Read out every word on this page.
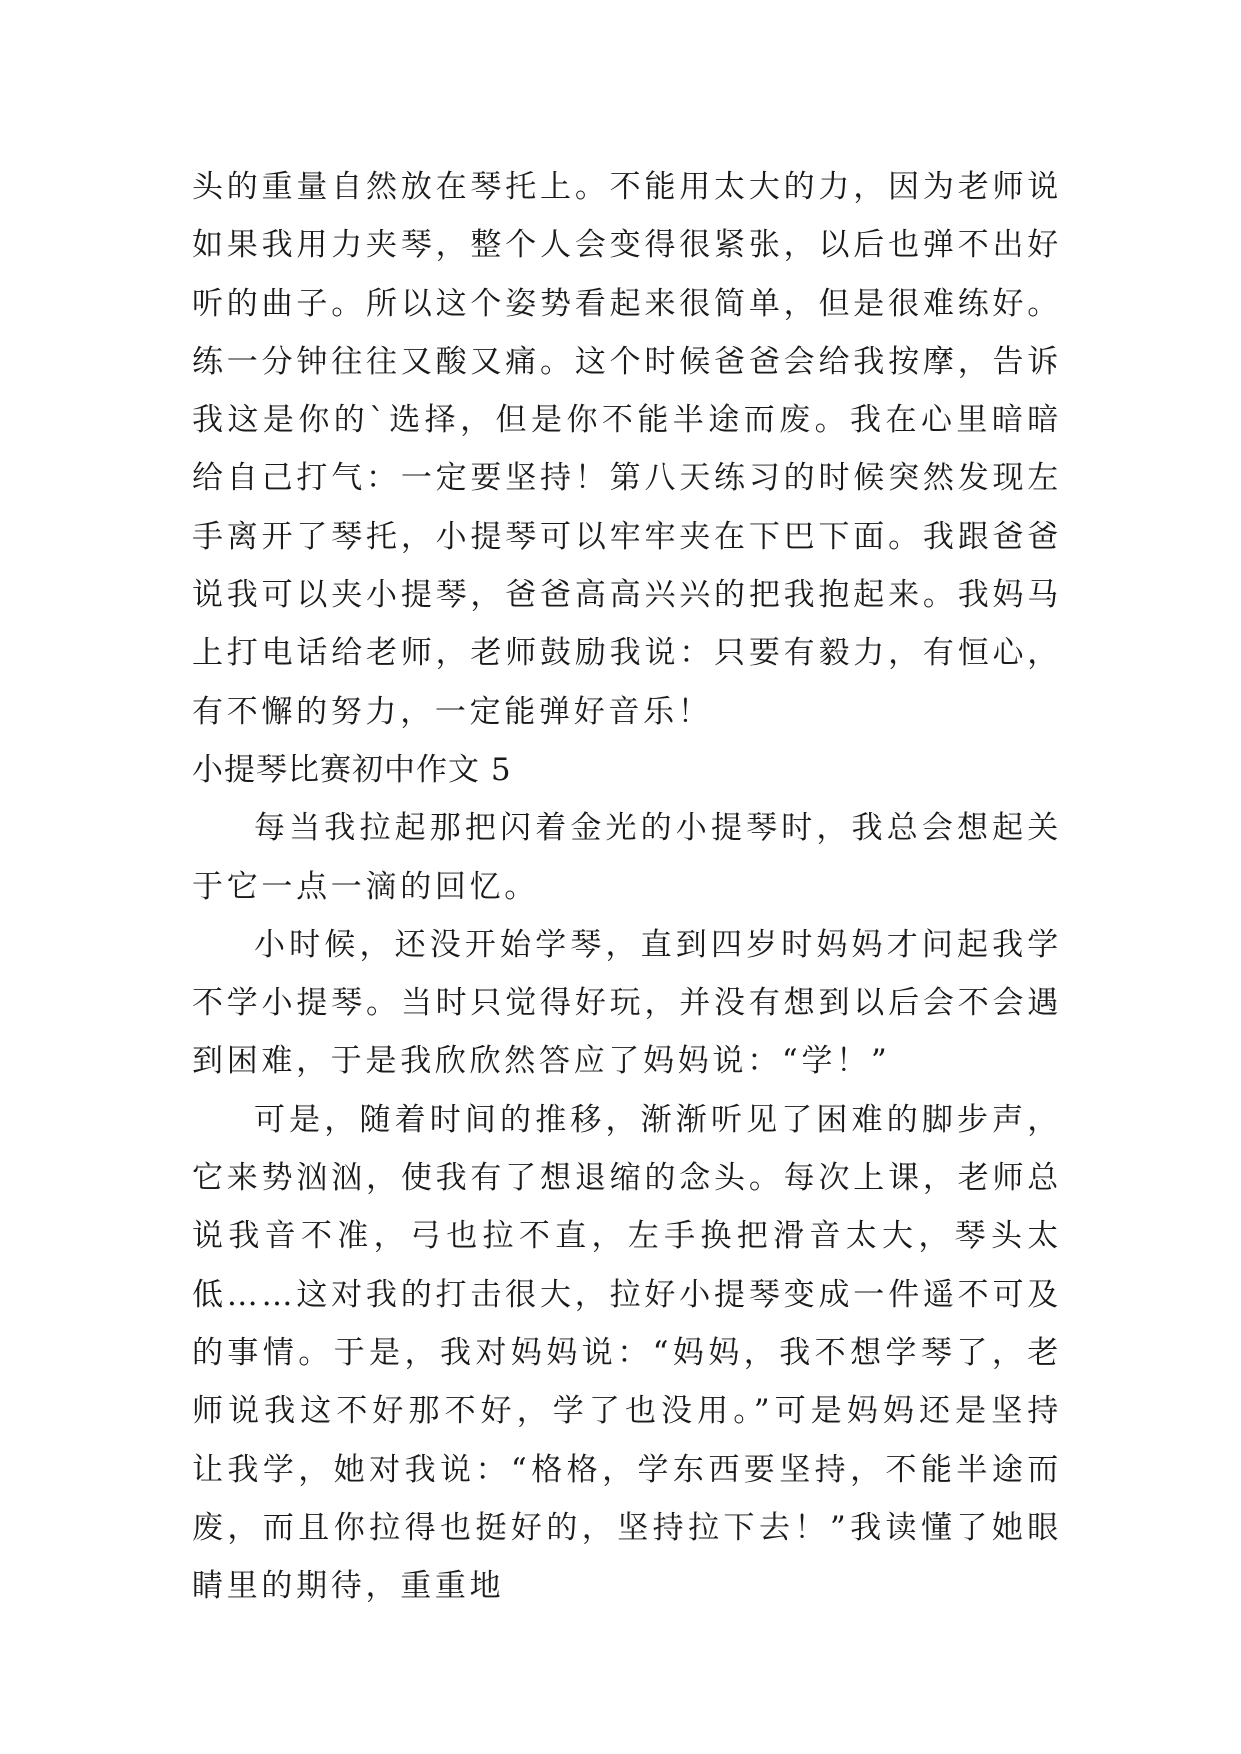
头的重量自然放在琴托上。不能用太大的力，因为老师说如果我用力夹琴，整个人会变得很紧张，以后也弹不出好听的曲子。所以这个姿势看起来很简单，但是很难练好。练一分钟往往又酸又痛。这个时候爸爸会给我按摩，告诉我这是你的`选择，但是你不能半途而废。我在心里暗暗给自己打气：一定要坚持！第八天练习的时候突然发现左手离开了琴托，小提琴可以牢牢夹在下巴下面。我跟爸爸说我可以夹小提琴，爸爸高高兴兴的把我抱起来。我妈马上打电话给老师，老师鼓励我说：只要有毅力，有恒心，有不懈的努力，一定能弹好音乐！

小提琴比赛初中作文 5

每当我拉起那把闪着金光的小提琴时，我总会想起关于它一点一滴的回忆。

小时候，还没开始学琴，直到四岁时妈妈才问起我学不学小提琴。当时只觉得好玩，并没有想到以后会不会遇到困难，于是我欣欣然答应了妈妈说：“学！”

可是，随着时间的推移，渐渐听见了困难的脚步声，它来势汹汹，使我有了想退缩的念头。每次上课，老师总说我音不准，弓也拉不直，左手换把滑音太大，琴头太低……这对我的打击很大，拉好小提琴变成一件遥不可及的事情。于是，我对妈妈说：“妈妈，我不想学琴了，老师说我这不好那不好，学了也没用。”可是妈妈还是坚持让我学，她对我说：“格格，学东西要坚持，不能半途而废，而且你拉得也挺好的，坚持拉下去！”我读懂了她眼睛里的期待，重重地
